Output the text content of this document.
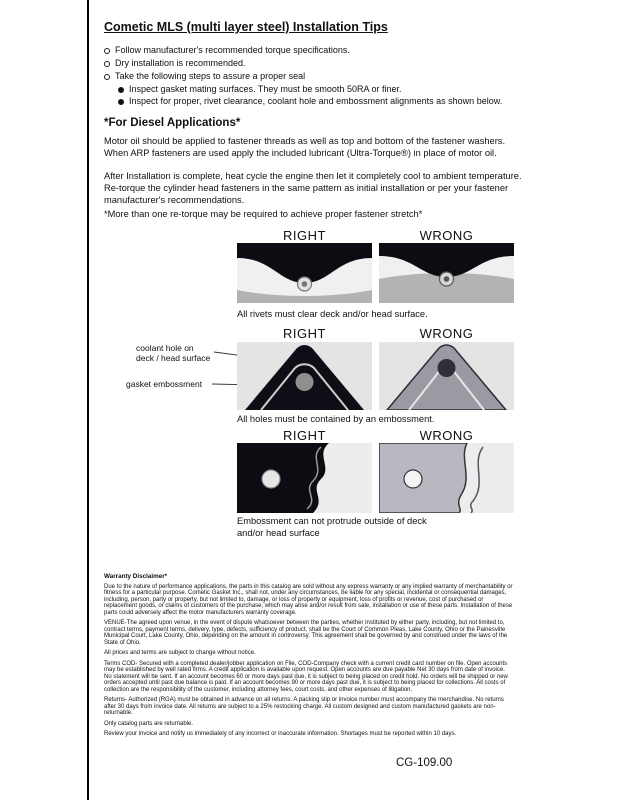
Cometic MLS (multi layer steel) Installation Tips
Follow manufacturer's recommended torque specifications.
Dry installation is recommended.
Take the following steps to assure a proper seal
Inspect gasket mating surfaces. They must be smooth 50RA or finer.
Inspect for proper, rivet clearance, coolant hole and embossment alignments as shown below.
*For Diesel Applications*

Motor oil should be applied to fastener threads as well as top and bottom of the fastener washers. When ARP fasteners are used apply the included lubricant (Ultra-Torque®) in place of motor oil.

After Installation is complete, heat cycle the engine then let it completely cool to ambient temperature. Re-torque the cylinder head fasteners in the same pattern as initial installation or per your fastener manufacturer's recommendations.

*More than one re-torque may be required to achieve proper fastener stretch*

RIGHT	WRONG

All rivets must clear deck and/or head surface.

RIGHT	WRONG

coolant hole on deck / head surface

gasket embossment

All holes must be contained by an embossment.

RIGHT	WRONG

Embossment can not protrude outside of deck and/or head surface

Warranty Disclaimer*

Due to the nature of performance applications, the parts in this catalog are sold without any express warranty or any implied warranty of merchantability or fitness for a particular purpose. Cometic Gasket Inc., shall not, under any circumstances, be liable for any special, incidental or consequential damages, including, person, party or property, but not limited to, damage, or loss of property or equipment, loss of profits or revenue, cost of purchased or replacement goods, or claims of customers of the purchase, which may arise and/or result from sale, installation or use of these parts. Installation of these parts could adversely affect the motor manufacturers warranty coverage.

VENUE-The agreed upon venue, in the event of dispute whatsoever between the parties, whether instituted by either party, including, but not limited to, contract terms, payment terms, delivery, type, defects, sufficiency of product, shall be the Court of Common Pleas, Lake County, Ohio or the Painesville Municipal Court, Lake County, Ohio, depending on the amount in controversy. This agreement shall be governed by and construed under the laws of the State of Ohio.

All prices and terms are subject to change without notice.

Terms COD- Secured with a completed dealer/jobber application on File, COD-Company check with a current credit card number on file. Open accounts may be established by well rated firms. A credit application is available upon request. Open accounts are due payable Net 30 days from date of invoice. No statement will be sent. If an account becomes 60 or more days past due, it is subject to being placed on credit hold. No orders will be shipped or new orders accepted until past due balance is paid. If an account becomes 90 or more days past due, it is subject to being placed for collections. All costs of collection are the responsibility of the customer, including attorney fees, court costs, and other expenses of litigation.

Returns- Authorized (RGA) must be obtained in advance on all returns. A packing slip or invoice number must accompany the merchandise. No returns after 30 days from invoice date. All returns are subject to a 25% restocking charge. All custom designed and custom manufactured gaskets are non-returnable.

Only catalog parts are returnable.

Review your invoice and notify us immediately of any incorrect or inaccurate information. Shortages must be reported within 10 days.

CG-109.00
